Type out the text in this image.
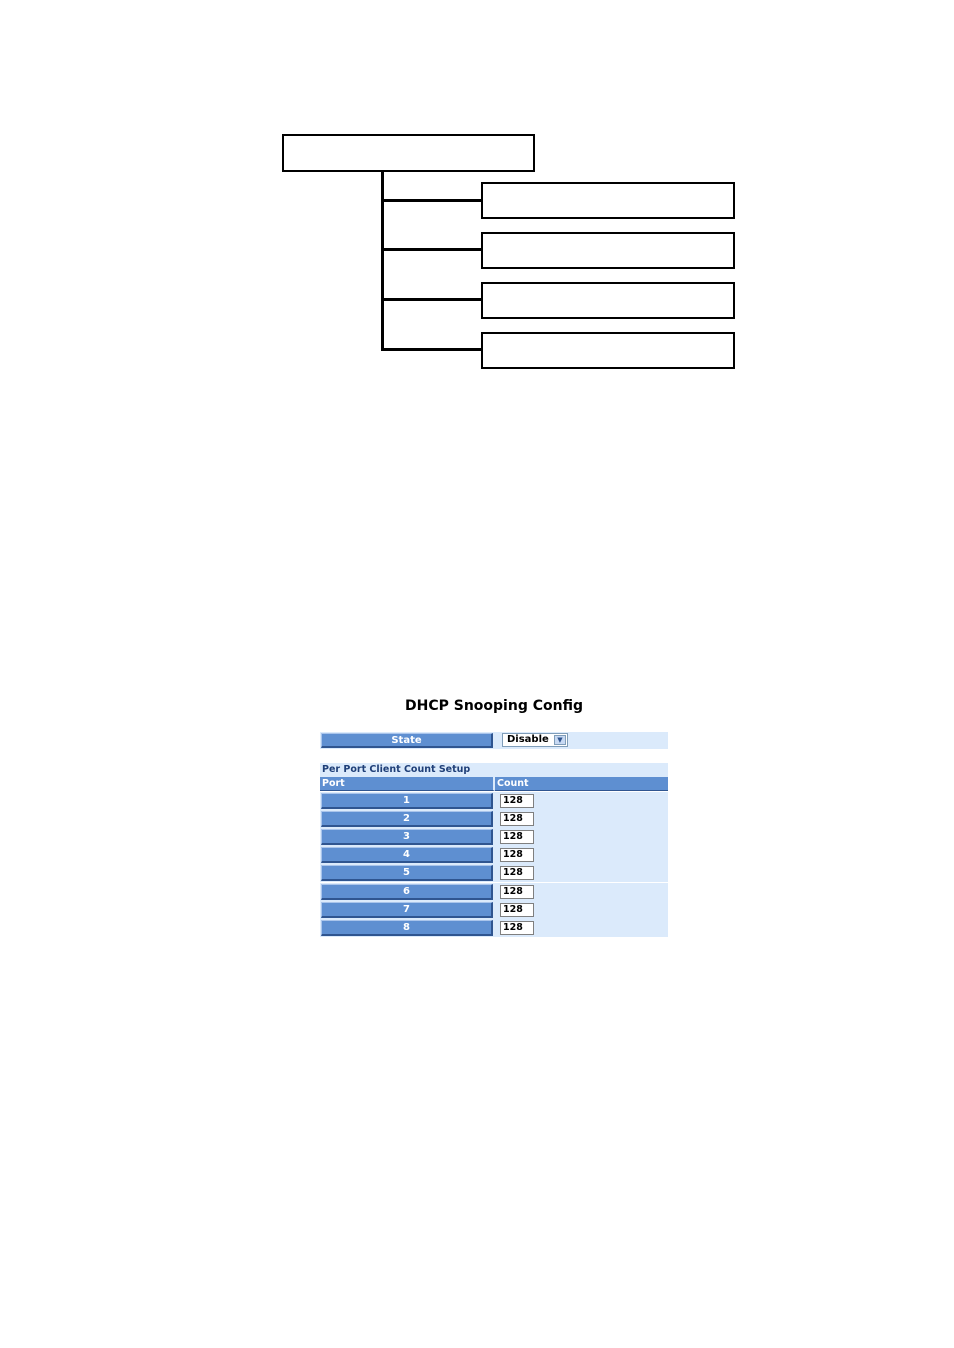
DHCP Snooping Config
State	Disable	▼
Per Port Client Count Setup
Port	Count
1	128
2	128
3	128
4	128
5	128
6	128
7	128
8	128
